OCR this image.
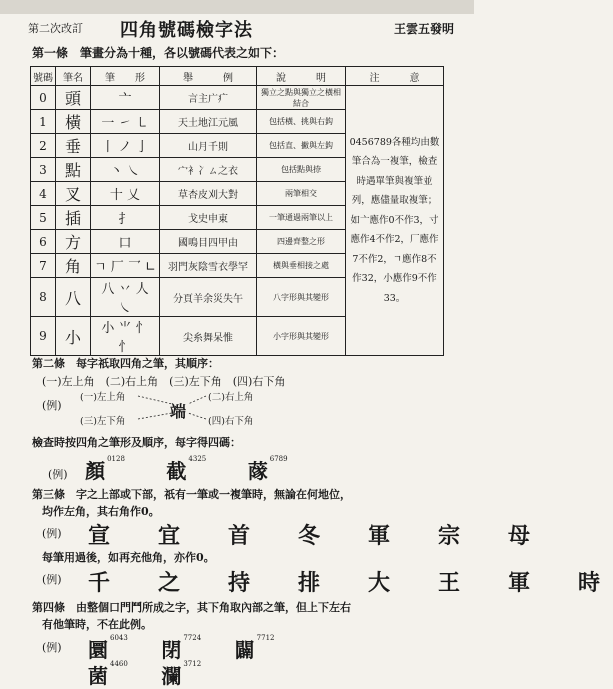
第二次改訂 四角號碼檢字法	王雲五發明
第一條　筆畫分為十種，各以號碼代表之如下：
號碼	筆名	筆　　形	舉　　　例	說　　　明	注　　　意
0	頭	亠	言主广疒	獨立之點與獨立之橫相結合	0456789各種均由數筆合為一複筆，檢查時遇單筆與複筆並列，應儘量取複筆；如亠應作0不作3，寸應作4不作2，厂應作7不作2，ㄱ應作8不作32，小應作9不作33。
1	橫	一 ㇀ ㇄	天土地江元風	包括橫、挑與右鈎	
2	垂	丨 ノ 亅	山月千則	包括直、撇與左鈎	
3	點	丶 ㇏	宀衤冫ㄙ之衣	包括點與捺	
4	叉	十 乂	草杏皮刈大對	兩筆相交	
5	插	扌	戈史申東	一筆通過兩筆以上	
6	方	口	國鳴目四甲由	四邊齊整之形	
7	角	ㄱ 厂 乛 ∟	羽門灰陰雪衣學罕	橫與垂相接之處	
8	八	八 丷 人 ㇏	分頁羊余災失午	八字形與其變形	
9	小	小 ⺌ 忄 忄	尖糸舞呆惟	小字形與其變形	
第二條　每字祇取四角之筆，其順序：
(一)左上角　(二)右上角　(三)左下角　(四)右下角
(例)
(一)左上角	(二)右上角
(三)左下角	(四)右下角
端
檢查時按四角之筆形及順序，每字得四碼：
(例) 顏 $^{0128}$ 截 $^{4325}$ 䔹 $^{6789}$
第三條　字之上部或下部，祇有一筆或一複筆時，無論在何地位，
均作左角，其右角作0。
(例) 宣　宜　首　冬　軍　宗　母
每筆用過後，如再充他角，亦作0。
(例) 千　之　持　排　大　王　軍　時
第四條　由整個口門鬥所成之字，其下角取內部之筆，但上下左右
有他筆時，不在此例。
(例) 圜 $^{6043}$ 閉 $^{7724}$ 闢 $^{7712}$
菌 $^{4460}$ 瀾 $^{3712}$
